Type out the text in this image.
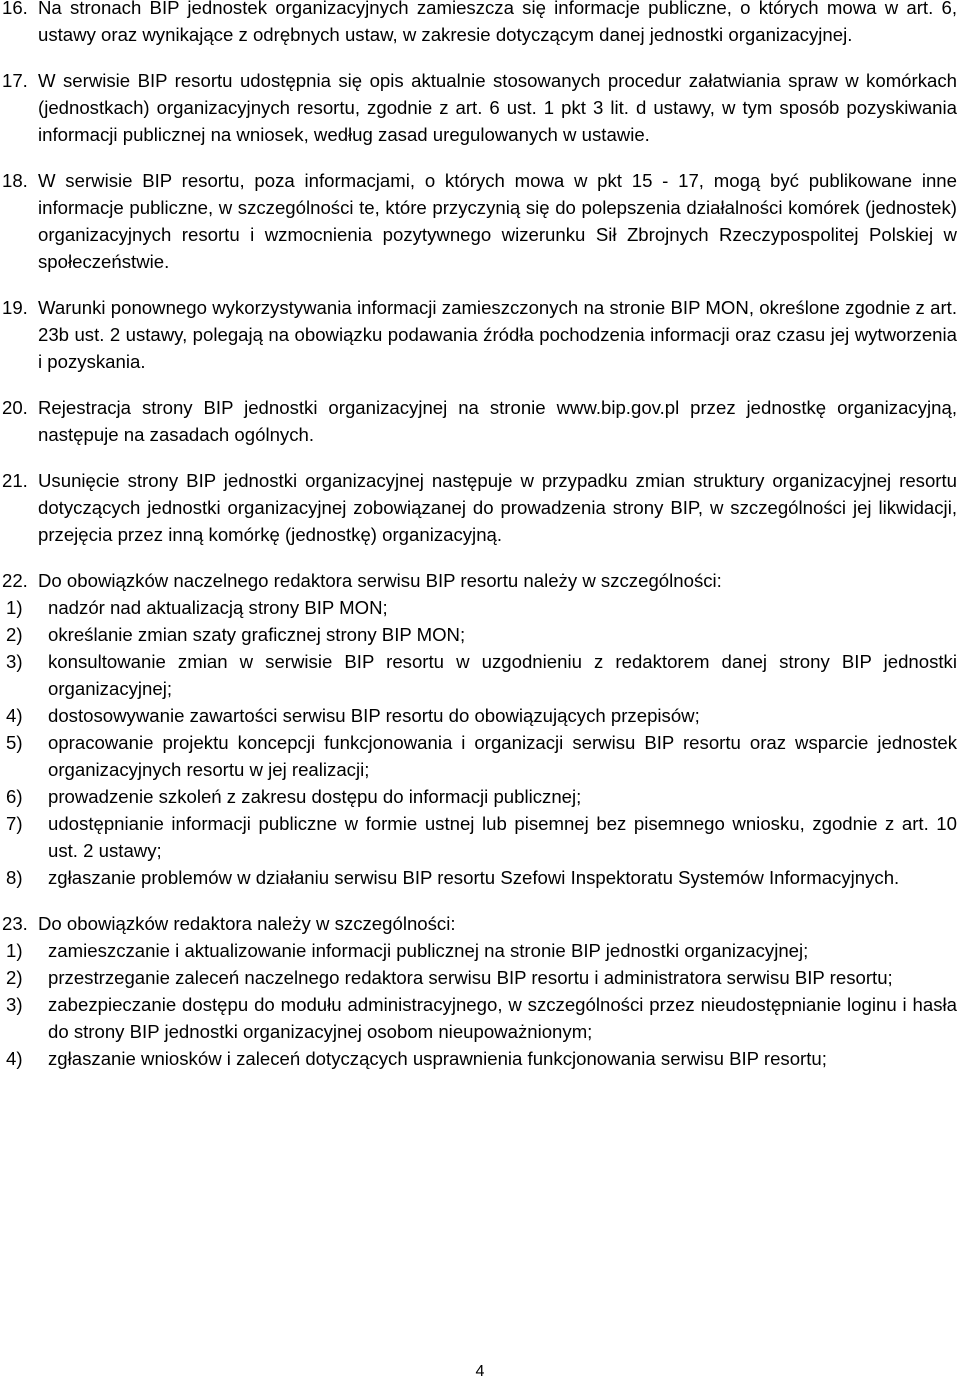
16. Na stronach BIP jednostek organizacyjnych zamieszcza się informacje publiczne, o których mowa w art. 6, ustawy oraz wynikające z odrębnych ustaw, w zakresie dotyczącym danej jednostki organizacyjnej.
17. W serwisie BIP resortu udostępnia się opis aktualnie stosowanych procedur załatwiania spraw w komórkach (jednostkach) organizacyjnych resortu, zgodnie z art. 6 ust. 1 pkt 3 lit. d ustawy, w tym sposób pozyskiwania informacji publicznej na wniosek, według zasad uregulowanych w ustawie.
18. W serwisie BIP resortu, poza informacjami, o których mowa w pkt 15 - 17, mogą być publikowane inne informacje publiczne, w szczególności te, które przyczynią się do polepszenia działalności komórek (jednostek) organizacyjnych resortu i wzmocnienia pozytywnego wizerunku Sił Zbrojnych Rzeczypospolitej Polskiej w społeczeństwie.
19. Warunki ponownego wykorzystywania informacji zamieszczonych na stronie BIP MON, określone zgodnie z art. 23b ust. 2 ustawy, polegają na obowiązku podawania źródła pochodzenia informacji oraz czasu jej wytworzenia i pozyskania.
20. Rejestracja strony BIP jednostki organizacyjnej na stronie www.bip.gov.pl przez jednostkę organizacyjną, następuje na zasadach ogólnych.
21. Usunięcie strony BIP jednostki organizacyjnej następuje w przypadku zmian struktury organizacyjnej resortu dotyczących jednostki organizacyjnej zobowiązanej do prowadzenia strony BIP, w szczególności jej likwidacji, przejęcia przez inną komórkę (jednostkę) organizacyjną.
22. Do obowiązków naczelnego redaktora serwisu BIP resortu należy w szczególności:
1)	nadzór nad aktualizacją strony BIP MON;
2)	określanie zmian szaty graficznej strony BIP MON;
3)	konsultowanie zmian w serwisie BIP resortu w uzgodnieniu z redaktorem danej strony BIP jednostki organizacyjnej;
4)	dostosowywanie zawartości serwisu BIP resortu do obowiązujących przepisów;
5)	opracowanie projektu koncepcji funkcjonowania i organizacji serwisu BIP resortu oraz wsparcie jednostek organizacyjnych resortu w jej realizacji;
6)	prowadzenie szkoleń z zakresu dostępu do informacji publicznej;
7)	udostępnianie informacji publiczne w formie ustnej lub pisemnej bez pisemnego wniosku, zgodnie z art. 10 ust. 2 ustawy;
8)	zgłaszanie problemów w działaniu serwisu BIP resortu Szefowi Inspektoratu Systemów Informacyjnych.
23. Do obowiązków redaktora należy w szczególności:
1)	zamieszczanie i aktualizowanie informacji publicznej na stronie BIP jednostki organizacyjnej;
2)	przestrzeganie zaleceń naczelnego redaktora serwisu BIP resortu i administratora serwisu BIP resortu;
3)	zabezpieczanie dostępu do modułu administracyjnego, w szczególności przez nieudostępnianie loginu i hasła do strony BIP jednostki organizacyjnej osobom nieupoważnionym;
4)	zgłaszanie wniosków i zaleceń dotyczących usprawnienia funkcjonowania serwisu BIP resortu;
4
